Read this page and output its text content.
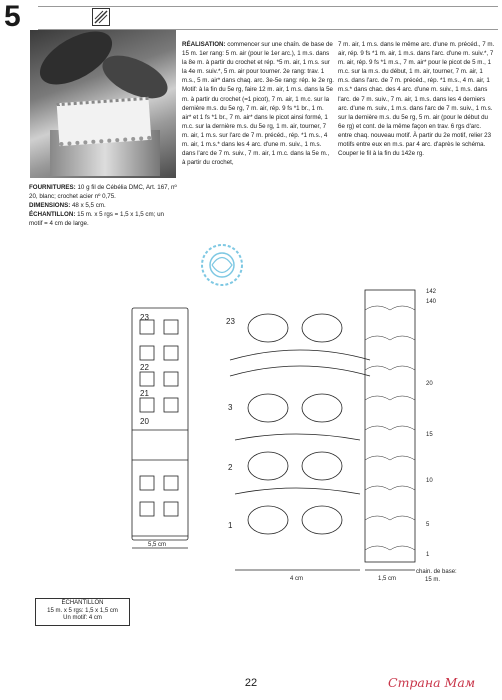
5
FOURNITURES: 10 g fil de Cébélia DMC, Art. 167, nº 20, blanc; crochet acier nº 0,75.
DIMENSIONS: 48 x 5,5 cm.
ÉCHANTILLON: 15 m. x 5 rgs = 1,5 x 1,5 cm; un motif = 4 cm de large.
RÉALISATION: commencer sur une chaîn. de base de 15 m. 1er rang: 5 m. air (pour le 1er arc.), 1 m.s. dans la 8e m. à partir du crochet et rép. *5 m. air, 1 m.s. sur la 4e m. suiv.*, 5 m. air pour tourner. 2e rang: trav. 1 m.s., 5 m. air* dans chaq. arc. 3e-5e rang: rép. le 2e rg. Motif: à la fin du 5e rg, faire 12 m. air, 1 m.s. dans la 5e m. à partir du crochet (=1 picot), 7 m. air, 1 m.c. sur la dernière m.s. du 5e rg, 7 m. air, rép. 9 fs *1 br., 1 m. air* et 1 fs *1 br., 7 m. air* dans le picot ainsi formé, 1 m.c. sur la dernière m.s. du 5e rg, 1 m. air, tourner, 7 m. air, 1 m.s. sur l'arc de 7 m. précéd., rép. *1 m.s., 4 m. air, 1 m.s.* dans les 4 arc. d'une m. suiv., 1 m.s. dans l'arc de 7 m. suiv., 7 m. air, 1 m.c. dans la 5e m., à partir du crochet,
7 m. air, 1 m.s. dans le même arc. d'une m. précéd., 7 m. air, rép. 9 fs *1 m. air, 1 m.s. dans l'arc. d'une m. suiv.*, 7 m. air, rép. 9 fs *1 m.s., 7 m. air* pour le picot de 5 m., 1 m.c. sur la m.s. du début, 1 m. air, tourner, 7 m. air, 1 m.s. dans l'arc. de 7 m. précéd., rép. *1 m.s., 4 m. air, 1 m.s.* dans chac. des 4 arc. d'une m. suiv., 1 m.s. dans l'arc. de 7 m. suiv., 7 m. air, 1 m.s. dans les 4 derniers arc. d'une m. suiv., 1 m.s. dans l'arc de 7 m. suiv., 1 m.s. sur la dernière m.s. du 5e rg, 5 m. air (pour le début du 6e rg) et cont. de la même façon en trav. 6 rgs d'arc. entre chaq. nouveau motif. À partir du 2e motif, relier 23 motifs entre eux en m.s. par 4 arc. d'après le schéma. Couper le fil à la fin du 142e rg.
23
22
21
20
23
3
2
1
142
140
20
15
10
5
1
5,5 cm
4 cm	1,5 cm
chain. de base:
15 m.
ÉCHANTILLON
15 m. x 5 rgs: 1,5 x 1,5 cm
Un motif: 4 cm
22	Страна Мам
